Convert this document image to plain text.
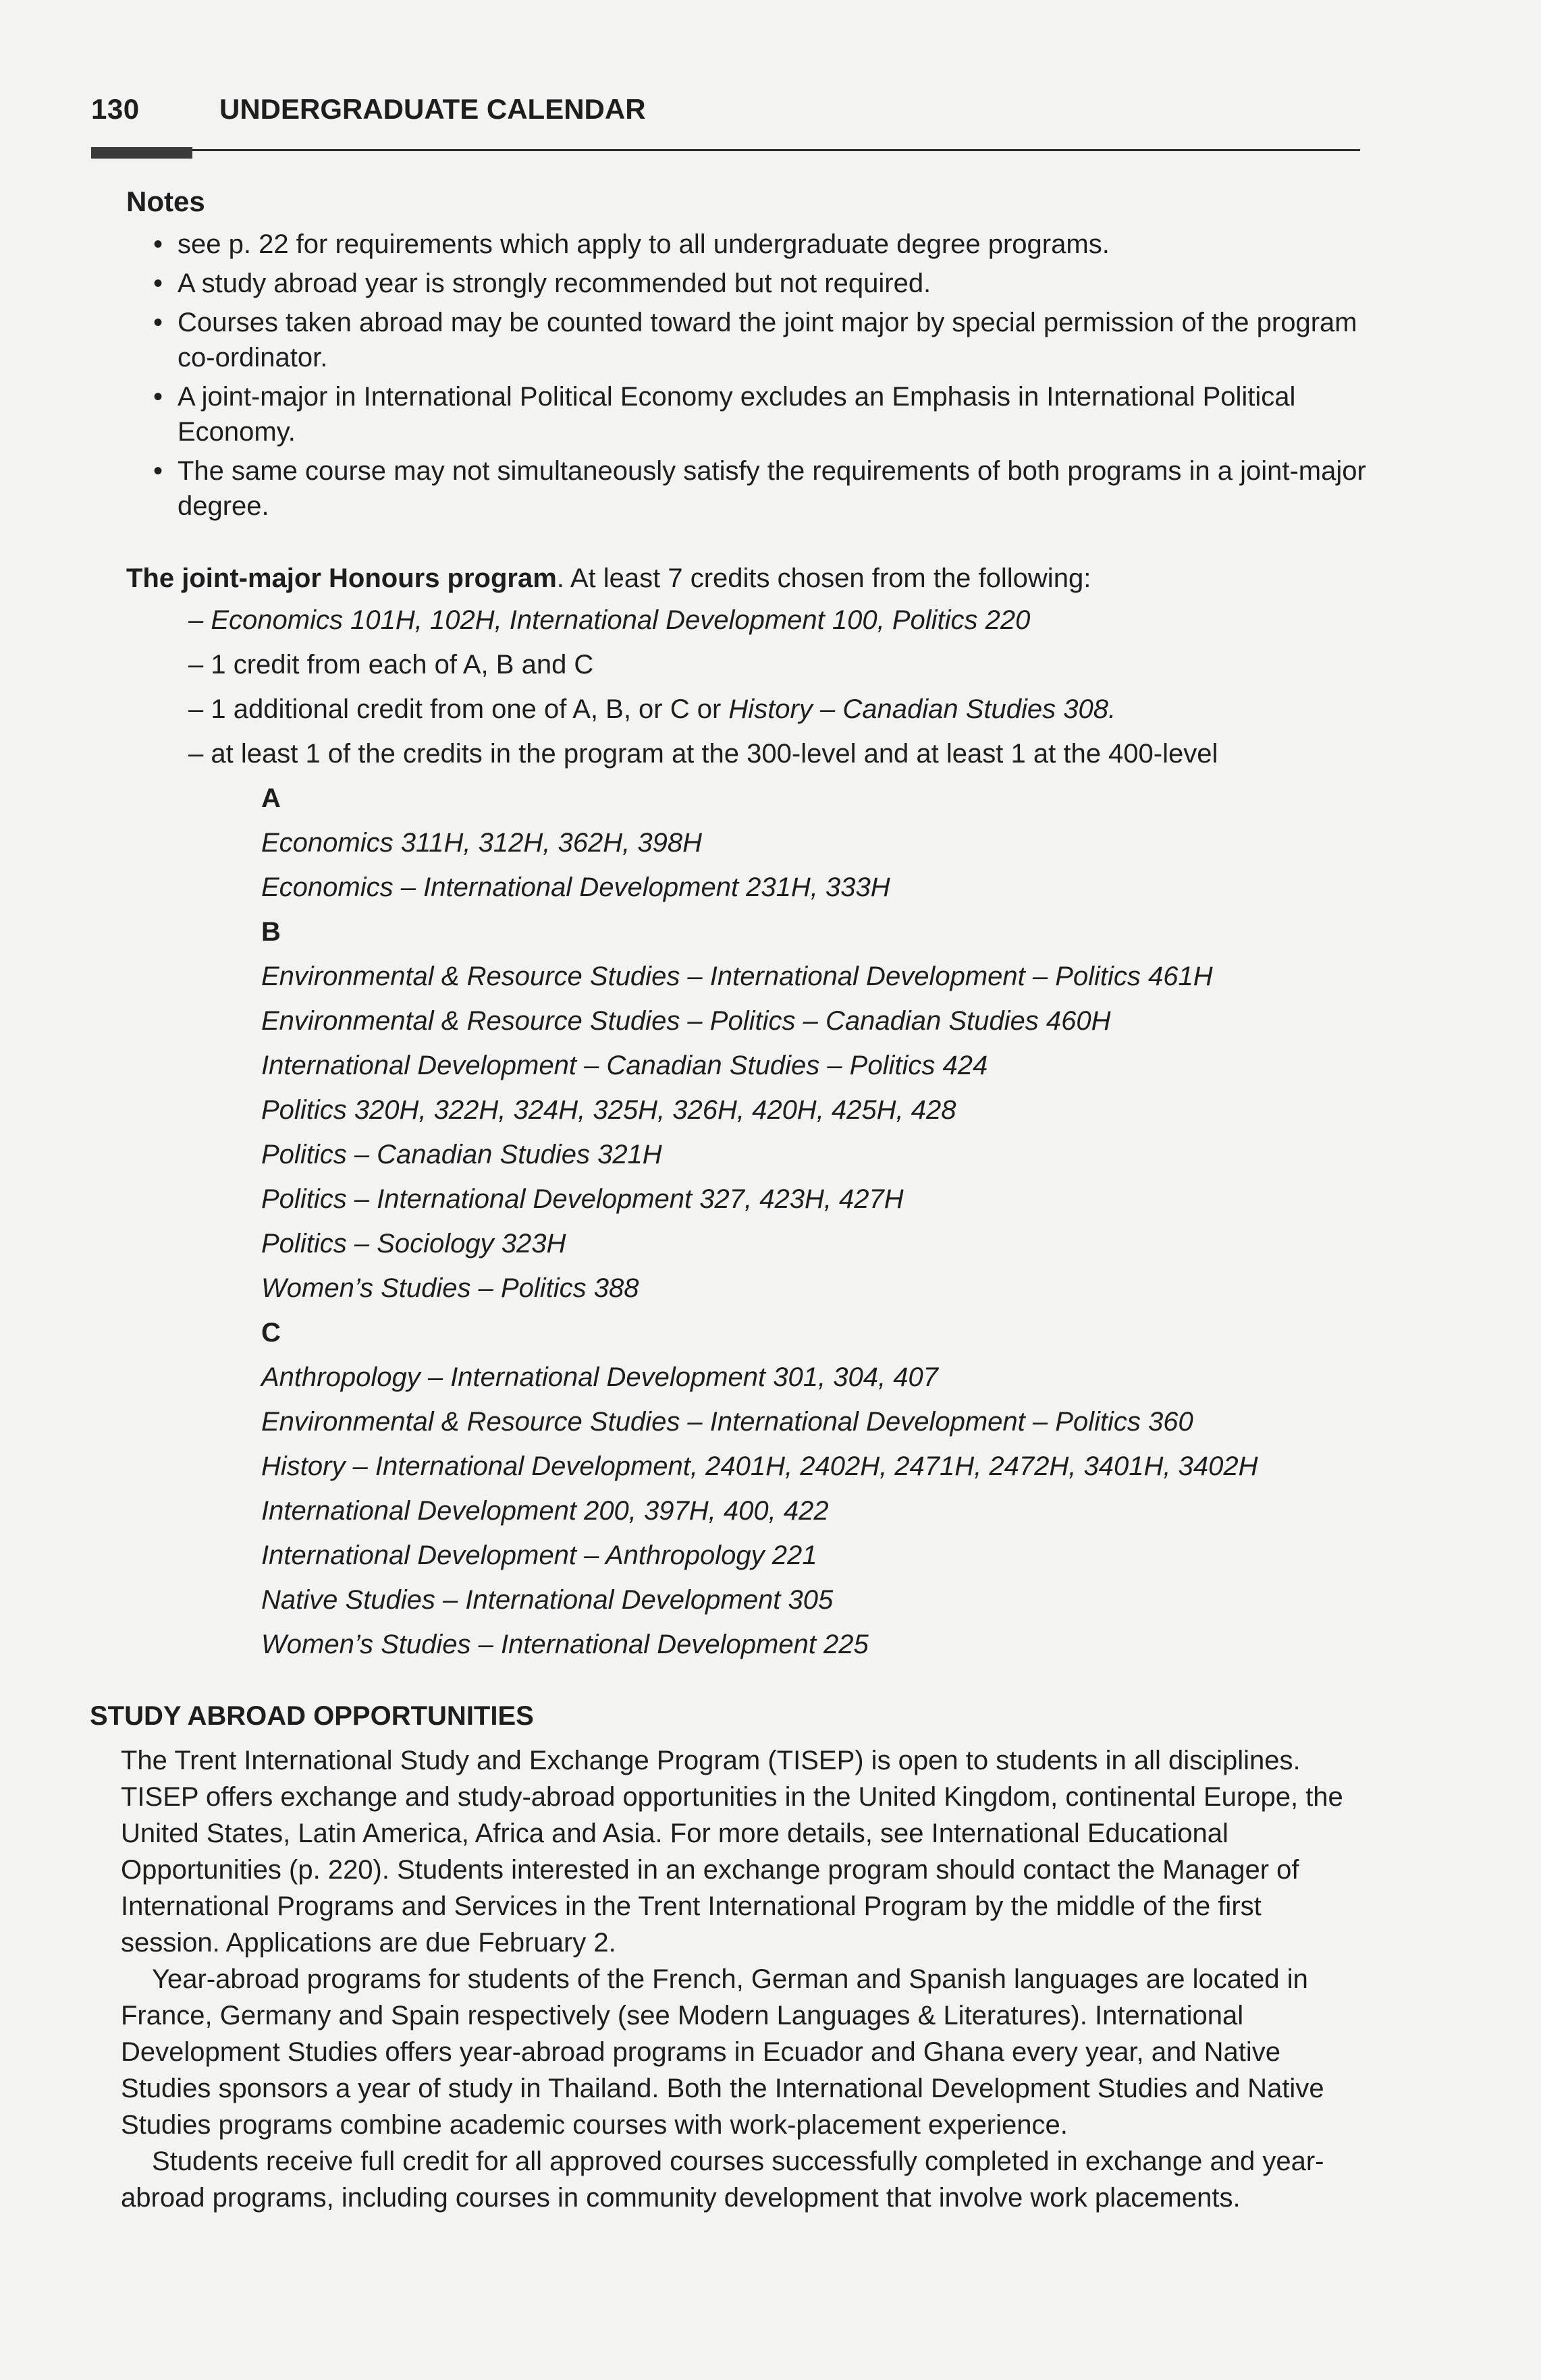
130	UNDERGRADUATE CALENDAR
Notes
• see p. 22 for requirements which apply to all undergraduate degree programs.
• A study abroad year is strongly recommended but not required.
• Courses taken abroad may be counted toward the joint major by special permission of the program co-ordinator.
• A joint-major in International Political Economy excludes an Emphasis in International Political Economy.
• The same course may not simultaneously satisfy the requirements of both programs in a joint-major degree.
The joint-major Honours program. At least 7 credits chosen from the following:
– Economics 101H, 102H, International Development 100, Politics 220
– 1 credit from each of A, B and C
– 1 additional credit from one of A, B, or C or History – Canadian Studies 308.
– at least 1 of the credits in the program at the 300-level and at least 1 at the 400-level
A
Economics 311H, 312H, 362H, 398H
Economics – International Development 231H, 333H
B
Environmental & Resource Studies – International Development – Politics 461H
Environmental & Resource Studies – Politics – Canadian Studies 460H
International Development – Canadian Studies – Politics 424
Politics 320H, 322H, 324H, 325H, 326H, 420H, 425H, 428
Politics – Canadian Studies 321H
Politics – International Development 327, 423H, 427H
Politics – Sociology 323H
Women’s Studies – Politics 388
C
Anthropology – International Development 301, 304, 407
Environmental & Resource Studies – International Development – Politics 360
History – International Development, 2401H, 2402H, 2471H, 2472H, 3401H, 3402H
International Development 200, 397H, 400, 422
International Development – Anthropology 221
Native Studies – International Development 305
Women’s Studies – International Development 225
STUDY ABROAD OPPORTUNITIES

The Trent International Study and Exchange Program (TISEP) is open to students in all disciplines. TISEP offers exchange and study-abroad opportunities in the United Kingdom, continental Europe, the United States, Latin America, Africa and Asia. For more details, see International Educational Opportunities (p. 220). Students interested in an exchange program should contact the Manager of International Programs and Services in the Trent International Program by the middle of the first session. Applications are due February 2.

Year-abroad programs for students of the French, German and Spanish languages are located in France, Germany and Spain respectively (see Modern Languages & Literatures). International Development Studies offers year-abroad programs in Ecuador and Ghana every year, and Native Studies sponsors a year of study in Thailand. Both the International Development Studies and Native Studies programs combine academic courses with work-placement experience.

Students receive full credit for all approved courses successfully completed in exchange and year-abroad programs, including courses in community development that involve work placements.
